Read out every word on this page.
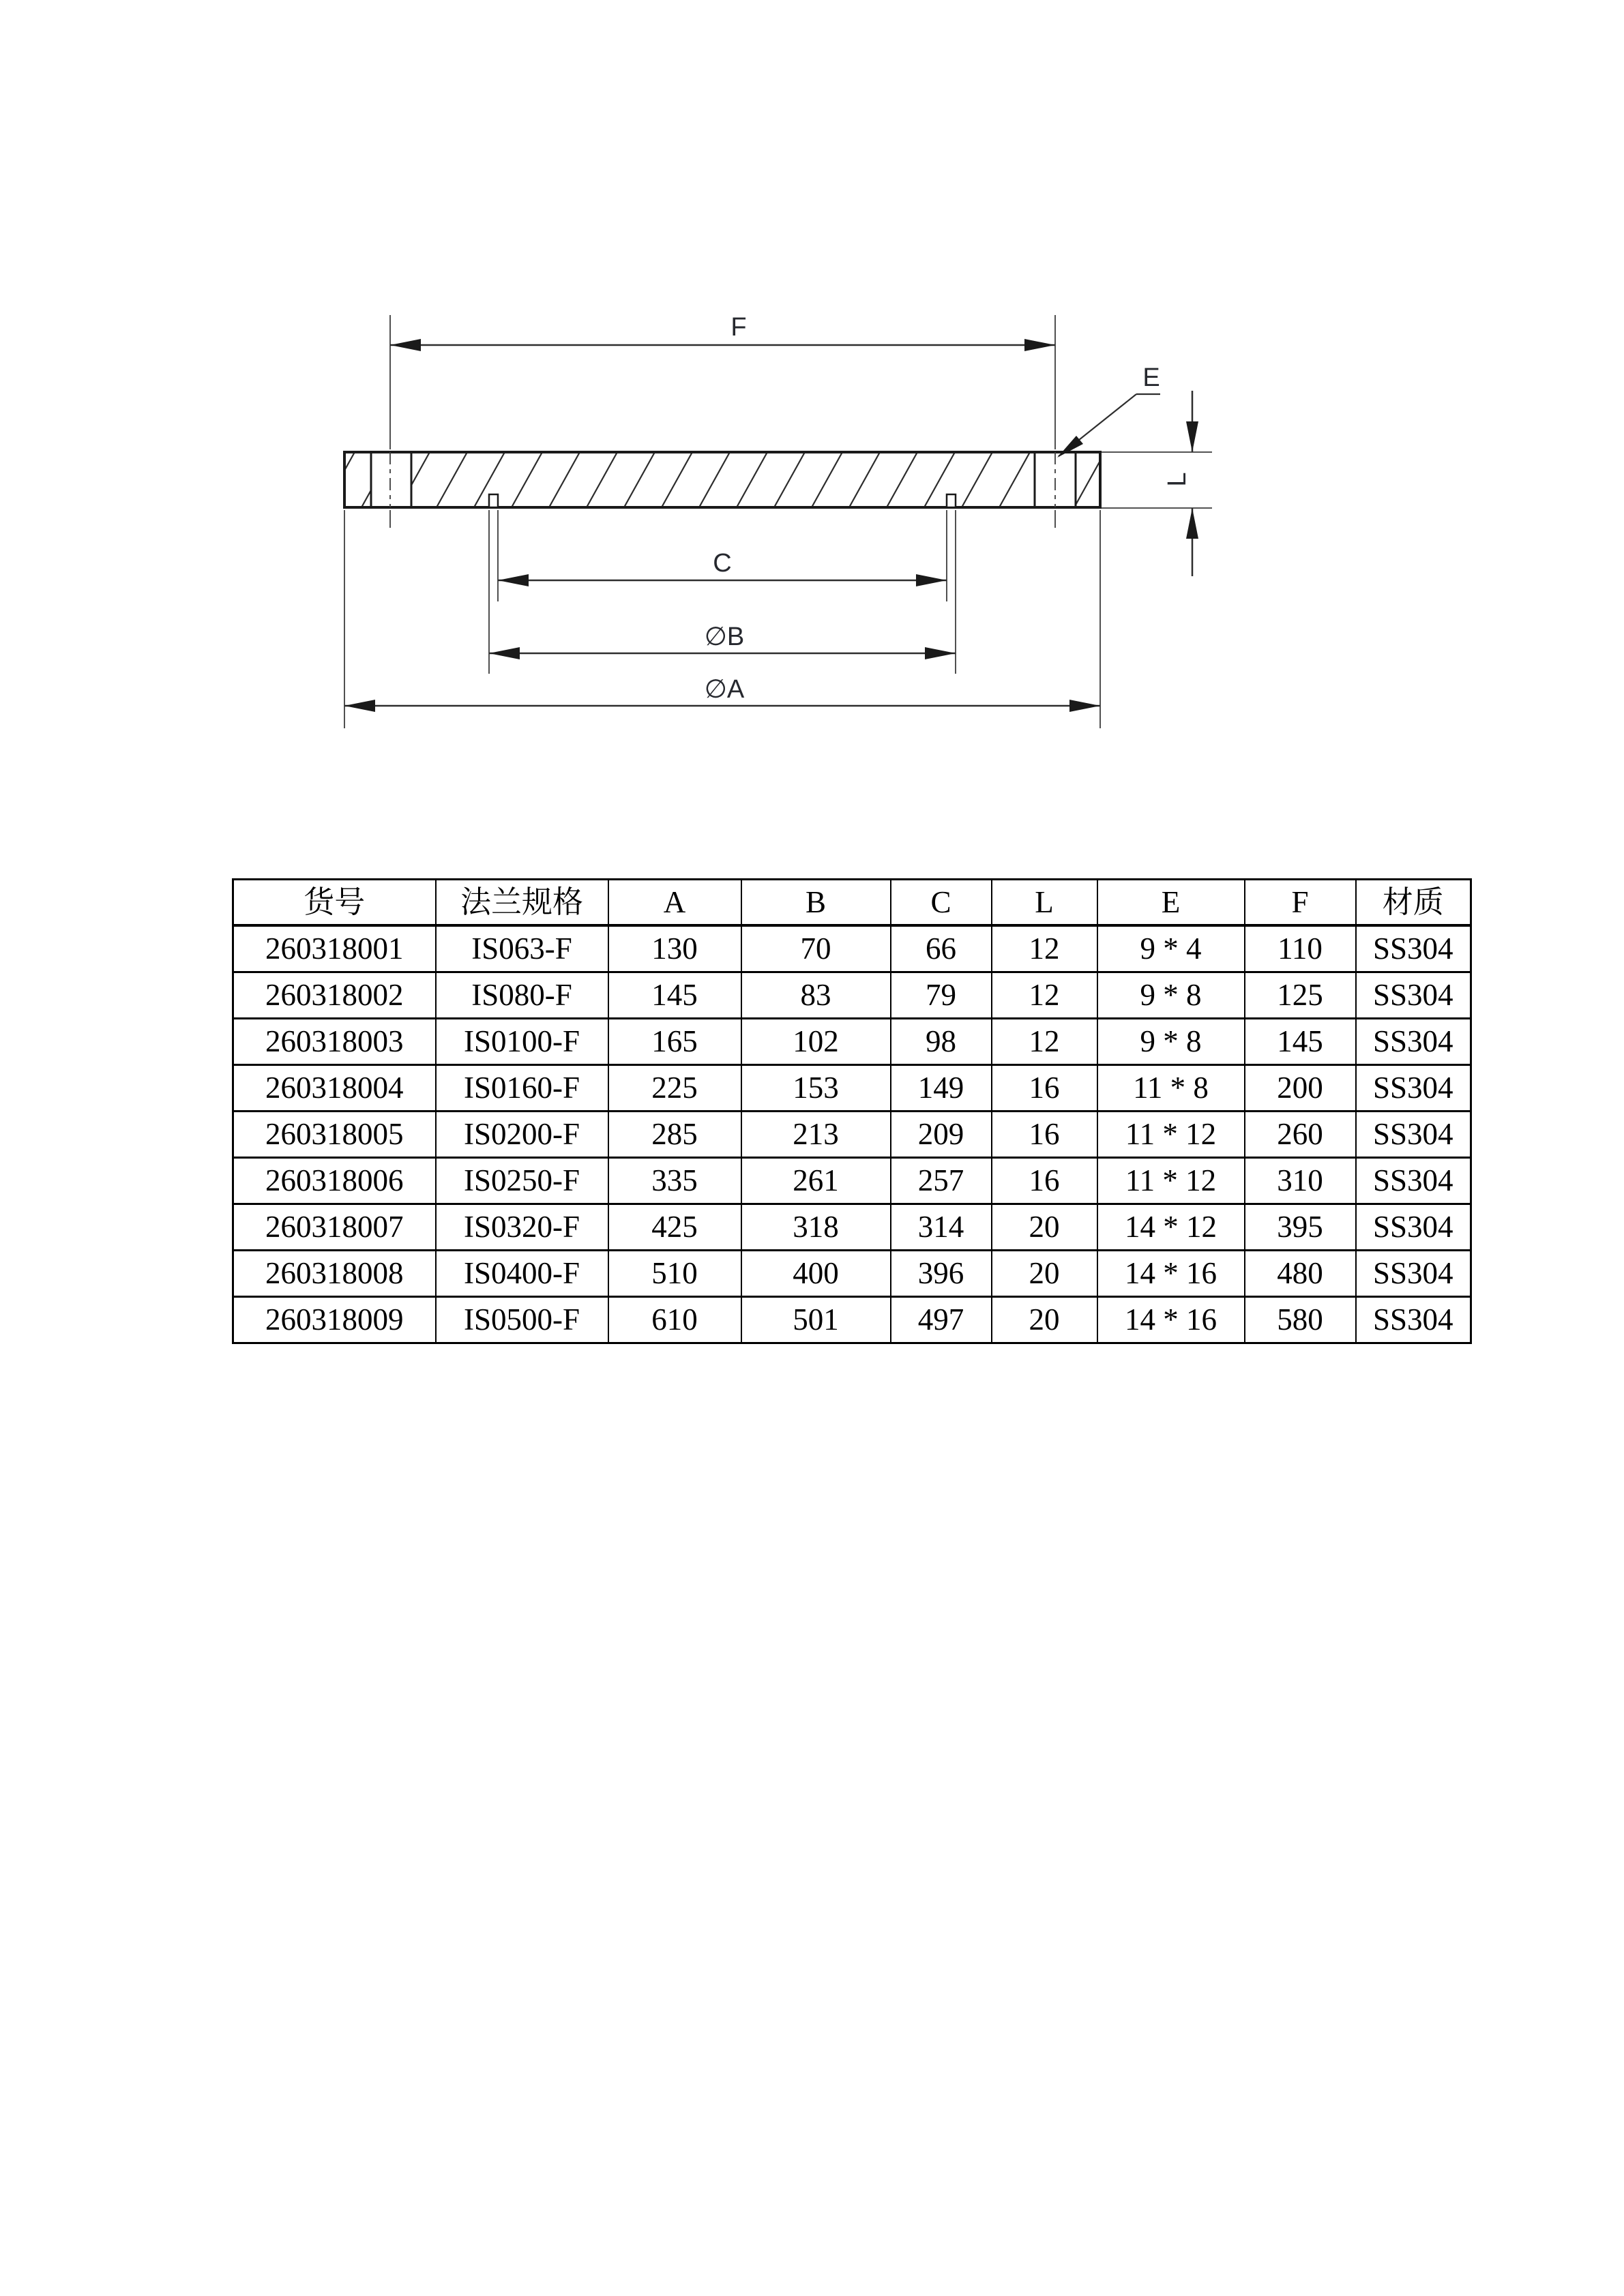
F
E
L
C
∅B
∅A
货号	法兰规格	A	B	C	L	E	F	材质
260318001	IS063-F	130	70	66	12	9 * 4	110	SS304
260318002	IS080-F	145	83	79	12	9 * 8	125	SS304
260318003	IS0100-F	165	102	98	12	9 * 8	145	SS304
260318004	IS0160-F	225	153	149	16	11 * 8	200	SS304
260318005	IS0200-F	285	213	209	16	11 * 12	260	SS304
260318006	IS0250-F	335	261	257	16	11 * 12	310	SS304
260318007	IS0320-F	425	318	314	20	14 * 12	395	SS304
260318008	IS0400-F	510	400	396	20	14 * 16	480	SS304
260318009	IS0500-F	610	501	497	20	14 * 16	580	SS304
